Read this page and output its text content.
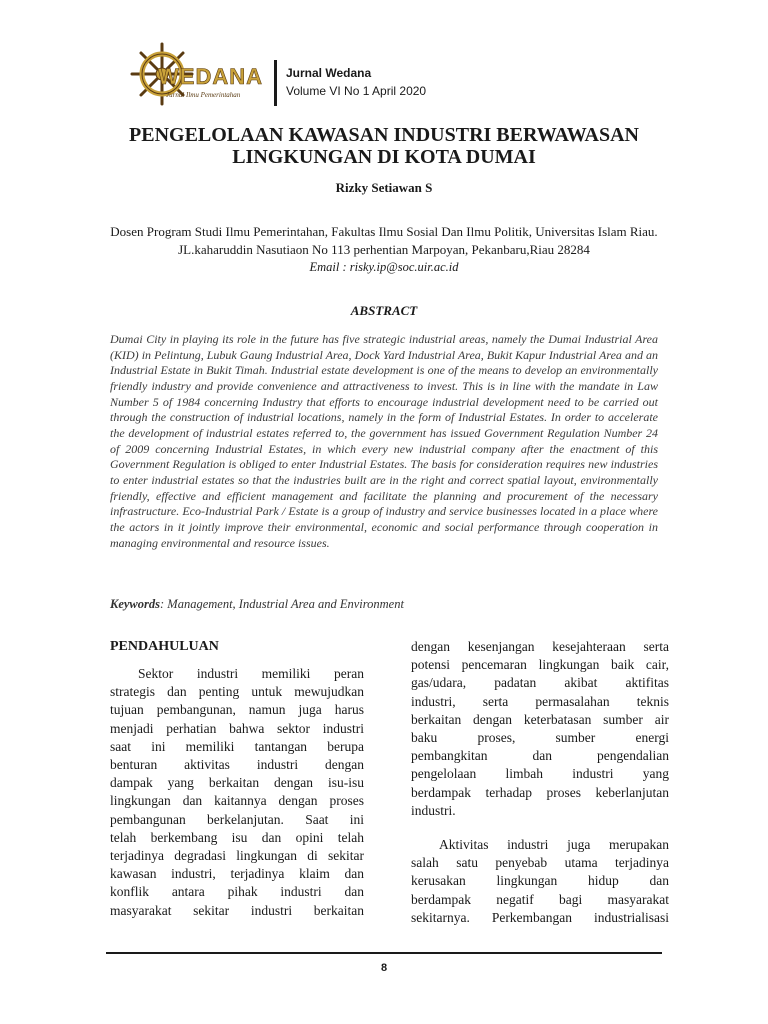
WEDANA
Jurnal Ilmu Pemerintahan
Jurnal Wedana
Volume VI No 1 April 2020
PENGELOLAAN KAWASAN INDUSTRI BERWAWASAN
LINGKUNGAN DI KOTA DUMAI
Rizky Setiawan S
Dosen Program Studi Ilmu Pemerintahan, Fakultas Ilmu Sosial Dan Ilmu Politik, Universitas Islam Riau. JL.kaharuddin Nasutiaon No 113 perhentian Marpoyan, Pekanbaru,Riau 28284
Email : risky.ip@soc.uir.ac.id
ABSTRACT

Dumai City in playing its role in the future has five strategic industrial areas, namely the Dumai Industrial Area (KID) in Pelintung, Lubuk Gaung Industrial Area, Dock Yard Industrial Area, Bukit Kapur Industrial Area and an Industrial Estate in Bukit Timah. Industrial estate development is one of the means to develop an environmentally friendly industry and provide convenience and attractiveness to invest. This is in line with the mandate in Law Number 5 of 1984 concerning Industry that efforts to encourage industrial development need to be carried out through the construction of industrial locations, namely in the form of Industrial Estates. In order to accelerate the development of industrial estates referred to, the government has issued Government Regulation Number 24 of 2009 concerning Industrial Estates, in which every new industrial company after the enactment of this Government Regulation is obliged to enter Industrial Estates. The basis for consideration requires new industries to enter industrial estates so that the industries built are in the right and correct spatial layout, environmentally friendly, effective and efficient management and facilitate the planning and procurement of the necessary infrastructure. Eco-Industrial Park / Estate is a group of industry and service businesses located in a place where the actors in it jointly improve their environmental, economic and social performance through cooperation in managing environmental and resource issues.

Keywords: Management, Industrial Area and Environment
PENDAHULUAN
Sektor industri memiliki peran
strategis dan penting untuk mewujudkan
tujuan pembangunan, namun juga harus
menjadi perhatian bahwa sektor industri
saat ini memiliki tantangan berupa
benturan aktivitas industri dengan
dampak yang berkaitan dengan isu-isu
lingkungan dan kaitannya dengan proses
pembangunan berkelanjutan. Saat ini
telah berkembang isu dan opini telah
terjadinya degradasi lingkungan di sekitar
kawasan industri, terjadinya klaim dan
konflik antara pihak industri dan
masyarakat sekitar industri berkaitan
dengan kesenjangan kesejahteraan serta
potensi pencemaran lingkungan baik cair,
gas/udara, padatan akibat aktifitas
industri, serta permasalahan teknis
berkaitan dengan keterbatasan sumber air
baku proses, sumber energi
pembangkitan dan pengendalian
pengelolaan limbah industri yang
berdampak terhadap proses keberlanjutan
industri.
Aktivitas industri juga merupakan
salah satu penyebab utama terjadinya
kerusakan lingkungan hidup dan
berdampak negatif bagi masyarakat
sekitarnya. Perkembangan industrialisasi
8
